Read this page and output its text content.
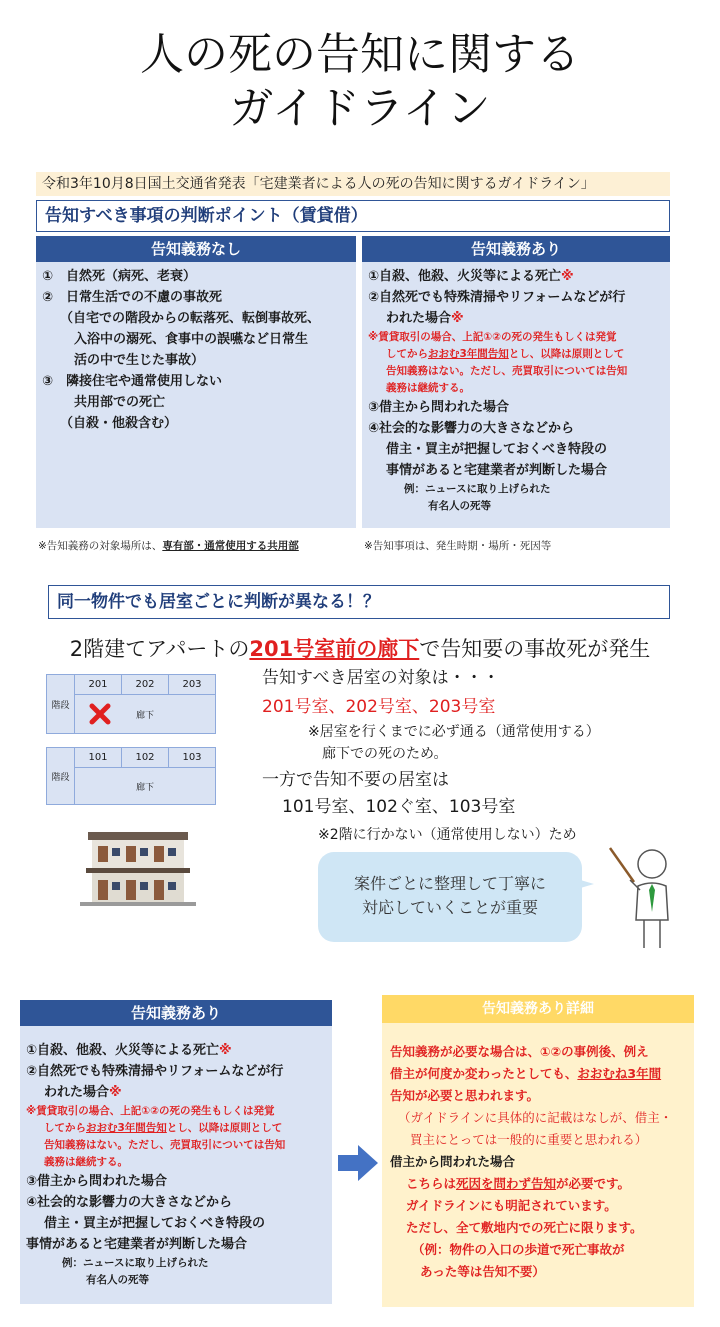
人の死の告知に関する
ガイドライン
令和3年10月8日国土交通省発表「宅建業者による人の死の告知に関するガイドライン」
告知すべき事項の判断ポイント（賃貸借）
告知義務なし
①　自然死（病死、老衰）
②　日常生活での不慮の事故死
（自宅での階段からの転落死、転倒事故死、
入浴中の溺死、食事中の誤嚥など日常生
活の中で生じた事故）
③　隣接住宅や通常使用しない
共用部での死亡
（自殺・他殺含む）
告知義務あり
①自殺、他殺、火災等による死亡※
②自然死でも特殊清掃やリフォームなどが行
われた場合※
※賃貸取引の場合、上記①②の死の発生もしくは発覚
してからおおむ3年間告知とし、以降は原則として
告知義務はない。ただし、売買取引については告知
義務は継続する。
③借主から問われた場合
④社会的な影響力の大きさなどから
借主・買主が把握しておくべき特段の
事情があると宅建業者が判断した場合
例：ニュースに取り上げられた
有名人の死等
※告知義務の対象場所は、専有部・通常使用する共用部	※告知事項は、発生時期・場所・死因等
同一物件でも居室ごとに判断が異なる！？
2階建てアパートの201号室前の廊下で告知要の事故死が発生
階段
201	202	203
廊下
階段
101	102	103
廊下
告知すべき居室の対象は・・・
201号室、202号室、203号室
※居室を行くまでに必ず通る（通常使用する）
廊下での死のため。
一方で告知不要の居室は
101号室、102ぐ室、103号室
※2階に行かない（通常使用しない）ため
案件ごとに整理して丁寧に
対応していくことが重要
告知義務あり
①自殺、他殺、火災等による死亡※
②自然死でも特殊清掃やリフォームなどが行
われた場合※
※賃貸取引の場合、上記①②の死の発生もしくは発覚
してからおおむ3年間告知とし、以降は原則として
告知義務はない。ただし、売買取引については告知
義務は継続する。
③借主から問われた場合
④社会的な影響力の大きさなどから
借主・買主が把握しておくべき特段の
事情があると宅建業者が判断した場合
例：ニュースに取り上げられた
有名人の死等
告知義務あり詳細
告知義務が必要な場合は、①②の事例後、例え
借主が何度か変わったとしても、おおむね3年間
告知が必要と思われます。
（ガイドラインに具体的に記載はなしが、借主・
買主にとっては一般的に重要と思われる）
借主から問われた場合
こちらは死因を問わず告知が必要です。
ガイドラインにも明記されています。
ただし、全て敷地内での死亡に限ります。
（例：物件の入口の歩道で死亡事故が
あった等は告知不要）
